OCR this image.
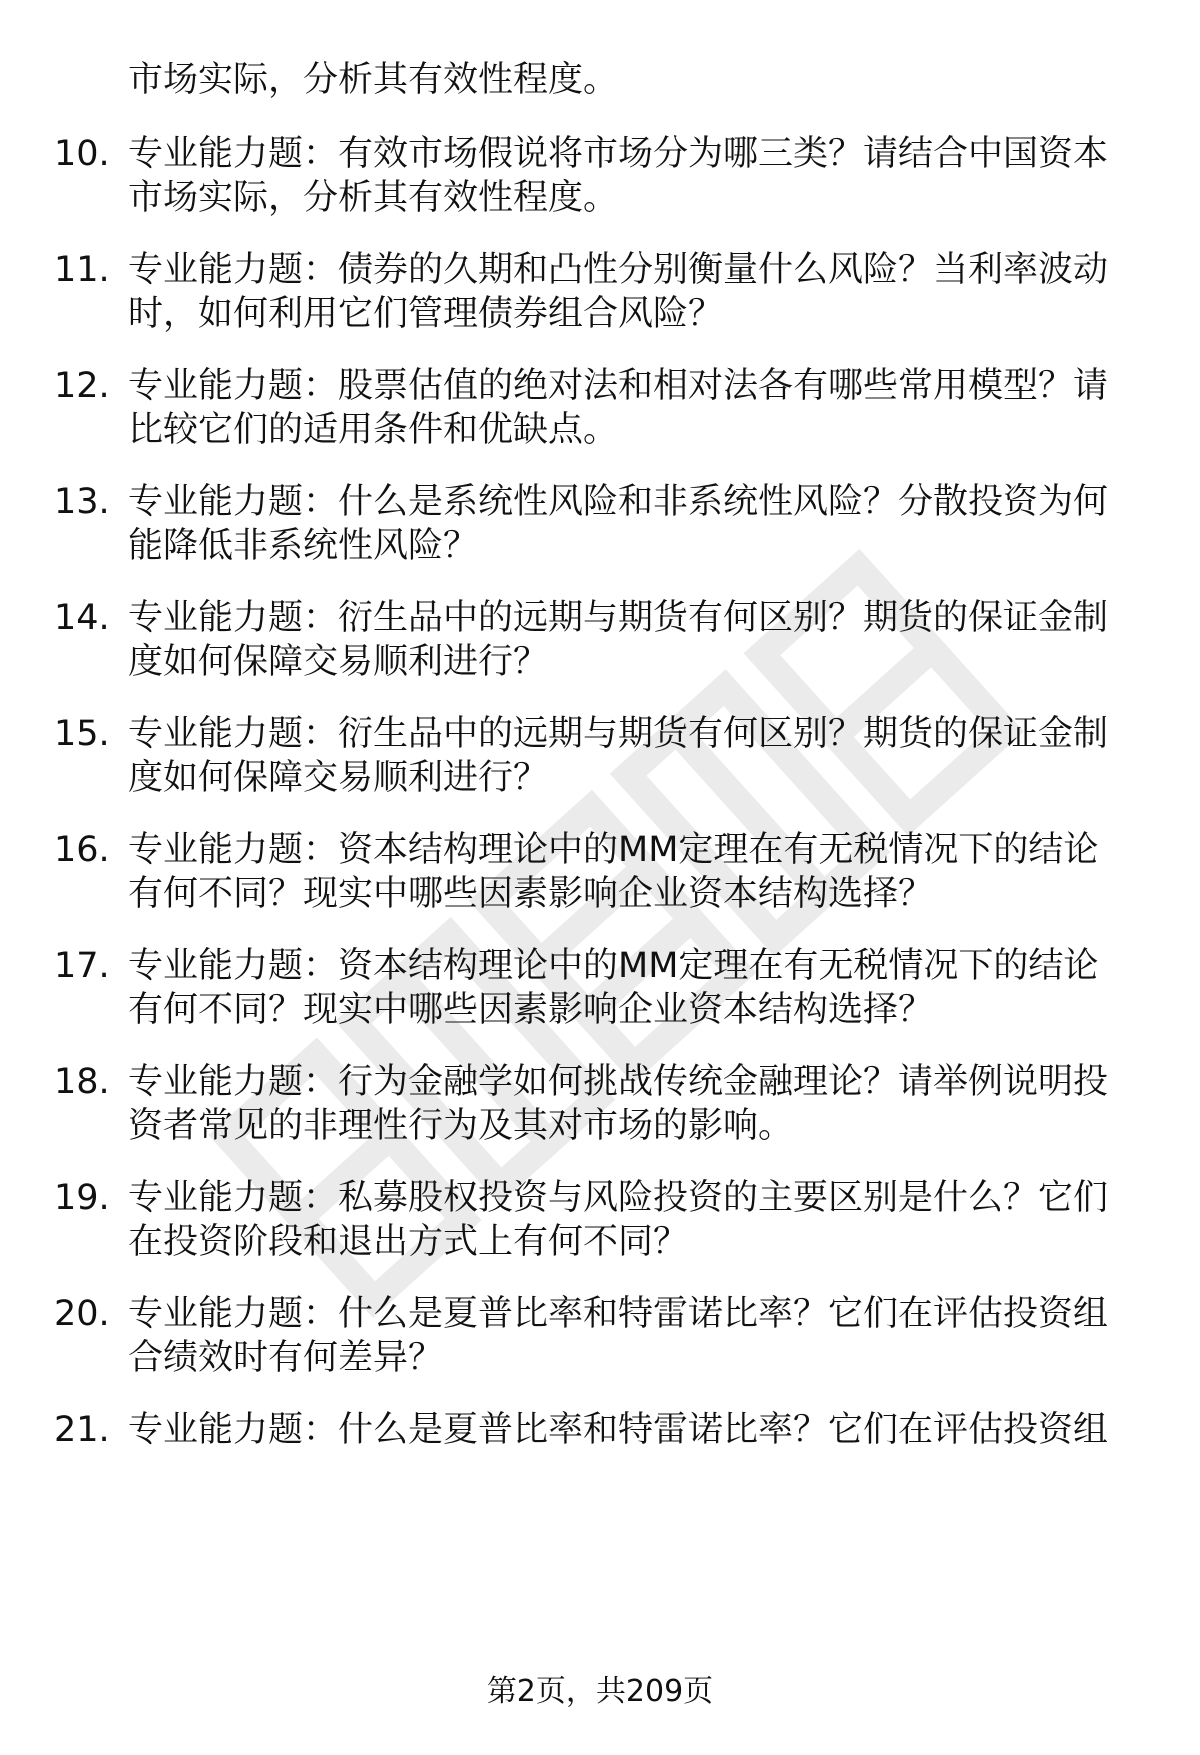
市场实际，分析其有效性程度。
10. 专业能力题：有效市场假说将市场分为哪三类？请结合中国资本
市场实际，分析其有效性程度。
11. 专业能力题：债券的久期和凸性分别衡量什么风险？当利率波动
时，如何利用它们管理债券组合风险？
12. 专业能力题：股票估值的绝对法和相对法各有哪些常用模型？请
比较它们的适用条件和优缺点。
13. 专业能力题：什么是系统性风险和非系统性风险？分散投资为何
能降低非系统性风险？
14. 专业能力题：衍生品中的远期与期货有何区别？期货的保证金制
度如何保障交易顺利进行？
15. 专业能力题：衍生品中的远期与期货有何区别？期货的保证金制
度如何保障交易顺利进行？
16. 专业能力题：资本结构理论中的MM定理在有无税情况下的结论
有何不同？现实中哪些因素影响企业资本结构选择？
17. 专业能力题：资本结构理论中的MM定理在有无税情况下的结论
有何不同？现实中哪些因素影响企业资本结构选择？
18. 专业能力题：行为金融学如何挑战传统金融理论？请举例说明投
资者常见的非理性行为及其对市场的影响。
19. 专业能力题：私募股权投资与风险投资的主要区别是什么？它们
在投资阶段和退出方式上有何不同？
20. 专业能力题：什么是夏普比率和特雷诺比率？它们在评估投资组
合绩效时有何差异？
21. 专业能力题：什么是夏普比率和特雷诺比率？它们在评估投资组
第2页，共209页
